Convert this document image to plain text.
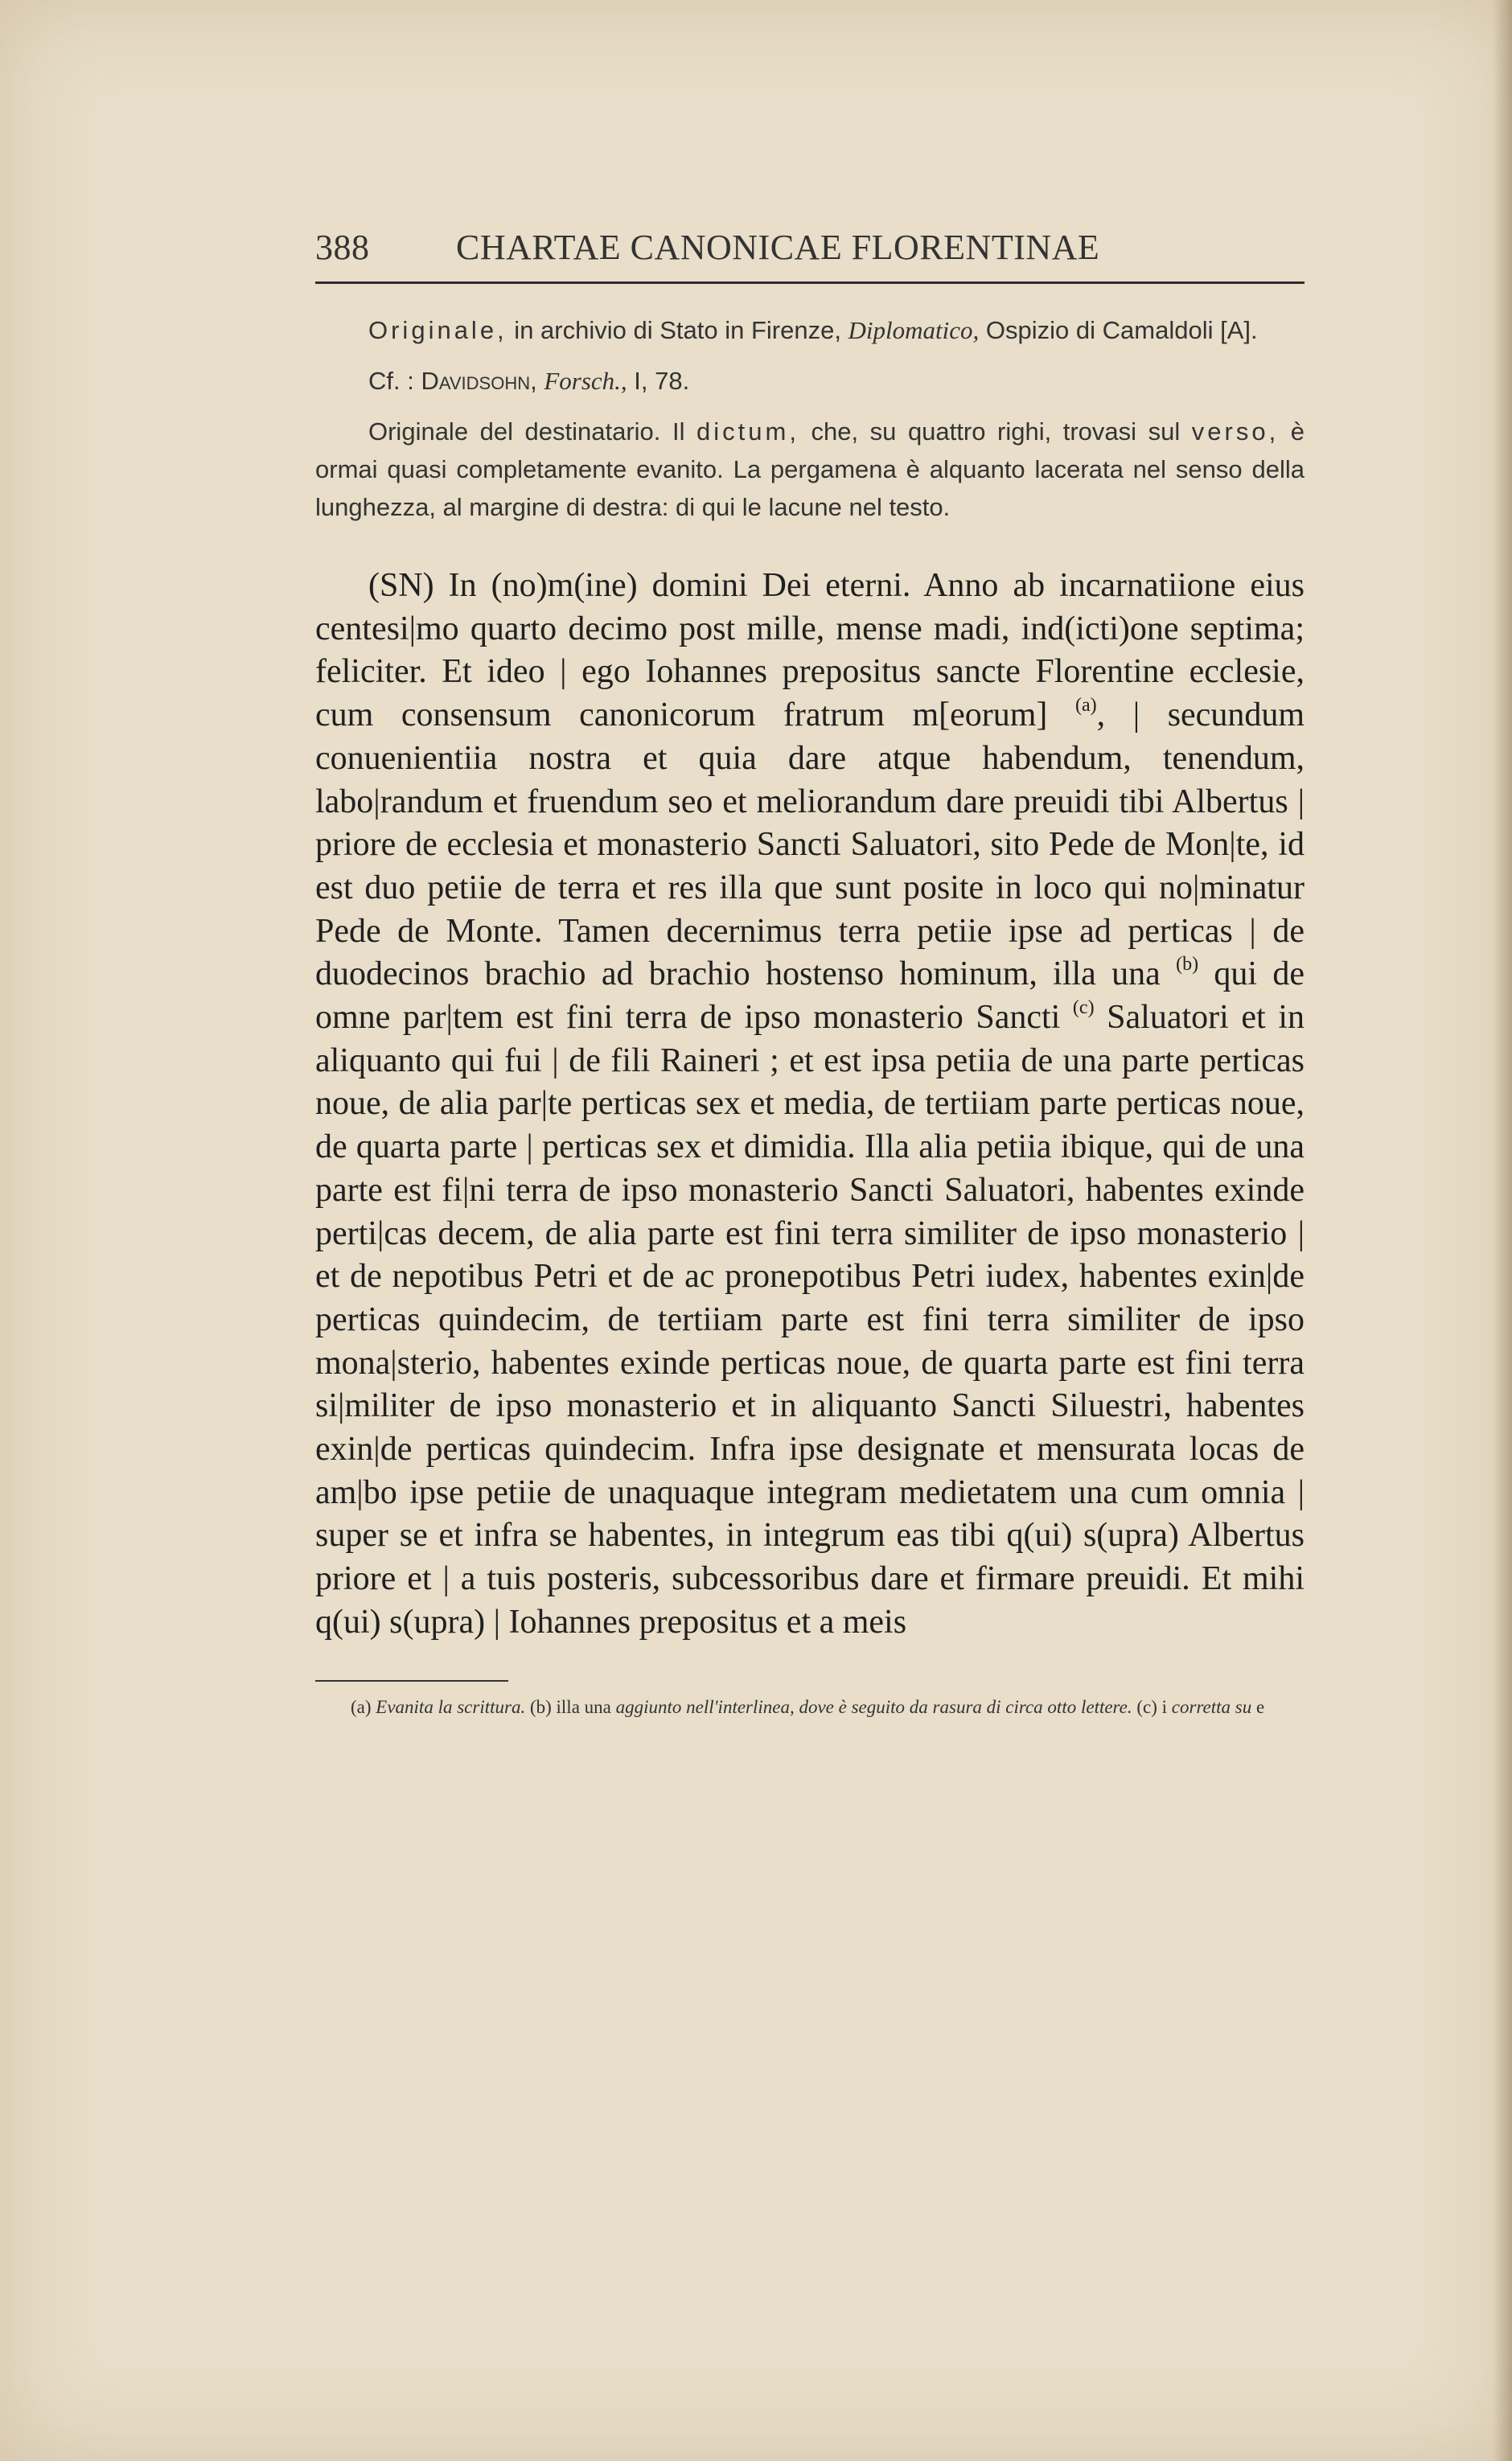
388	CHARTAE CANONICAE FLORENTINAE

Originale, in archivio di Stato in Firenze, Diplomatico, Ospizio di Camaldoli [A].

Cf. : Davidsohn, Forsch., I, 78.

Originale del destinatario. Il dictum, che, su quattro righi, trovasi sul verso, è ormai quasi completamente evanito. La pergamena è alquanto lacerata nel senso della lunghezza, al margine di destra: di qui le lacune nel testo.

(SN) In (no)m(ine) domini Dei eterni. Anno ab incarnatiione eius centesi|mo quarto decimo post mille, mense madi, ind(icti)one septima; feliciter. Et ideo | ego Iohannes prepositus sancte Florentine ecclesie, cum consensum canonicorum fratrum m[eorum] $^{(a)}$, | secundum conuenientiia nostra et quia dare atque habendum, tenendum, labo|randum et fruendum seo et meliorandum dare preuidi tibi Albertus | priore de ecclesia et monasterio Sancti Saluatori, sito Pede de Mon|te, id est duo petiie de terra et res illa que sunt posite in loco qui no|minatur Pede de Monte. Tamen decernimus terra petiie ipse ad perticas | de duodecinos brachio ad brachio hostenso hominum, illa una $^{(b)}$ qui de omne par|tem est fini terra de ipso monasterio Sancti $^{(c)}$ Saluatori et in aliquanto qui fui | de fili Raineri ; et est ipsa petiia de una parte perticas noue, de alia par|te perticas sex et media, de tertiiam parte perticas noue, de quarta parte | perticas sex et dimidia. Illa alia petiia ibique, qui de una parte est fi|ni terra de ipso monasterio Sancti Saluatori, habentes exinde perti|cas decem, de alia parte est fini terra similiter de ipso monasterio | et de nepotibus Petri et de ac pronepotibus Petri iudex, habentes exin|de perticas quindecim, de tertiiam parte est fini terra similiter de ipso mona|sterio, habentes exinde perticas noue, de quarta parte est fini terra si|militer de ipso monasterio et in aliquanto Sancti Siluestri, habentes exin|de perticas quindecim. Infra ipse designate et mensurata locas de am|bo ipse petiie de unaquaque integram medietatem una cum omnia | super se et infra se habentes, in integrum eas tibi q(ui) s(upra) Albertus priore et | a tuis posteris, subcessoribus dare et firmare preuidi. Et mihi q(ui) s(upra) | Iohannes prepositus et a meis
(a) Evanita la scrittura. (b) illa una aggiunto nell'interlinea, dove è seguito da rasura di circa otto lettere. (c) i corretta su e
